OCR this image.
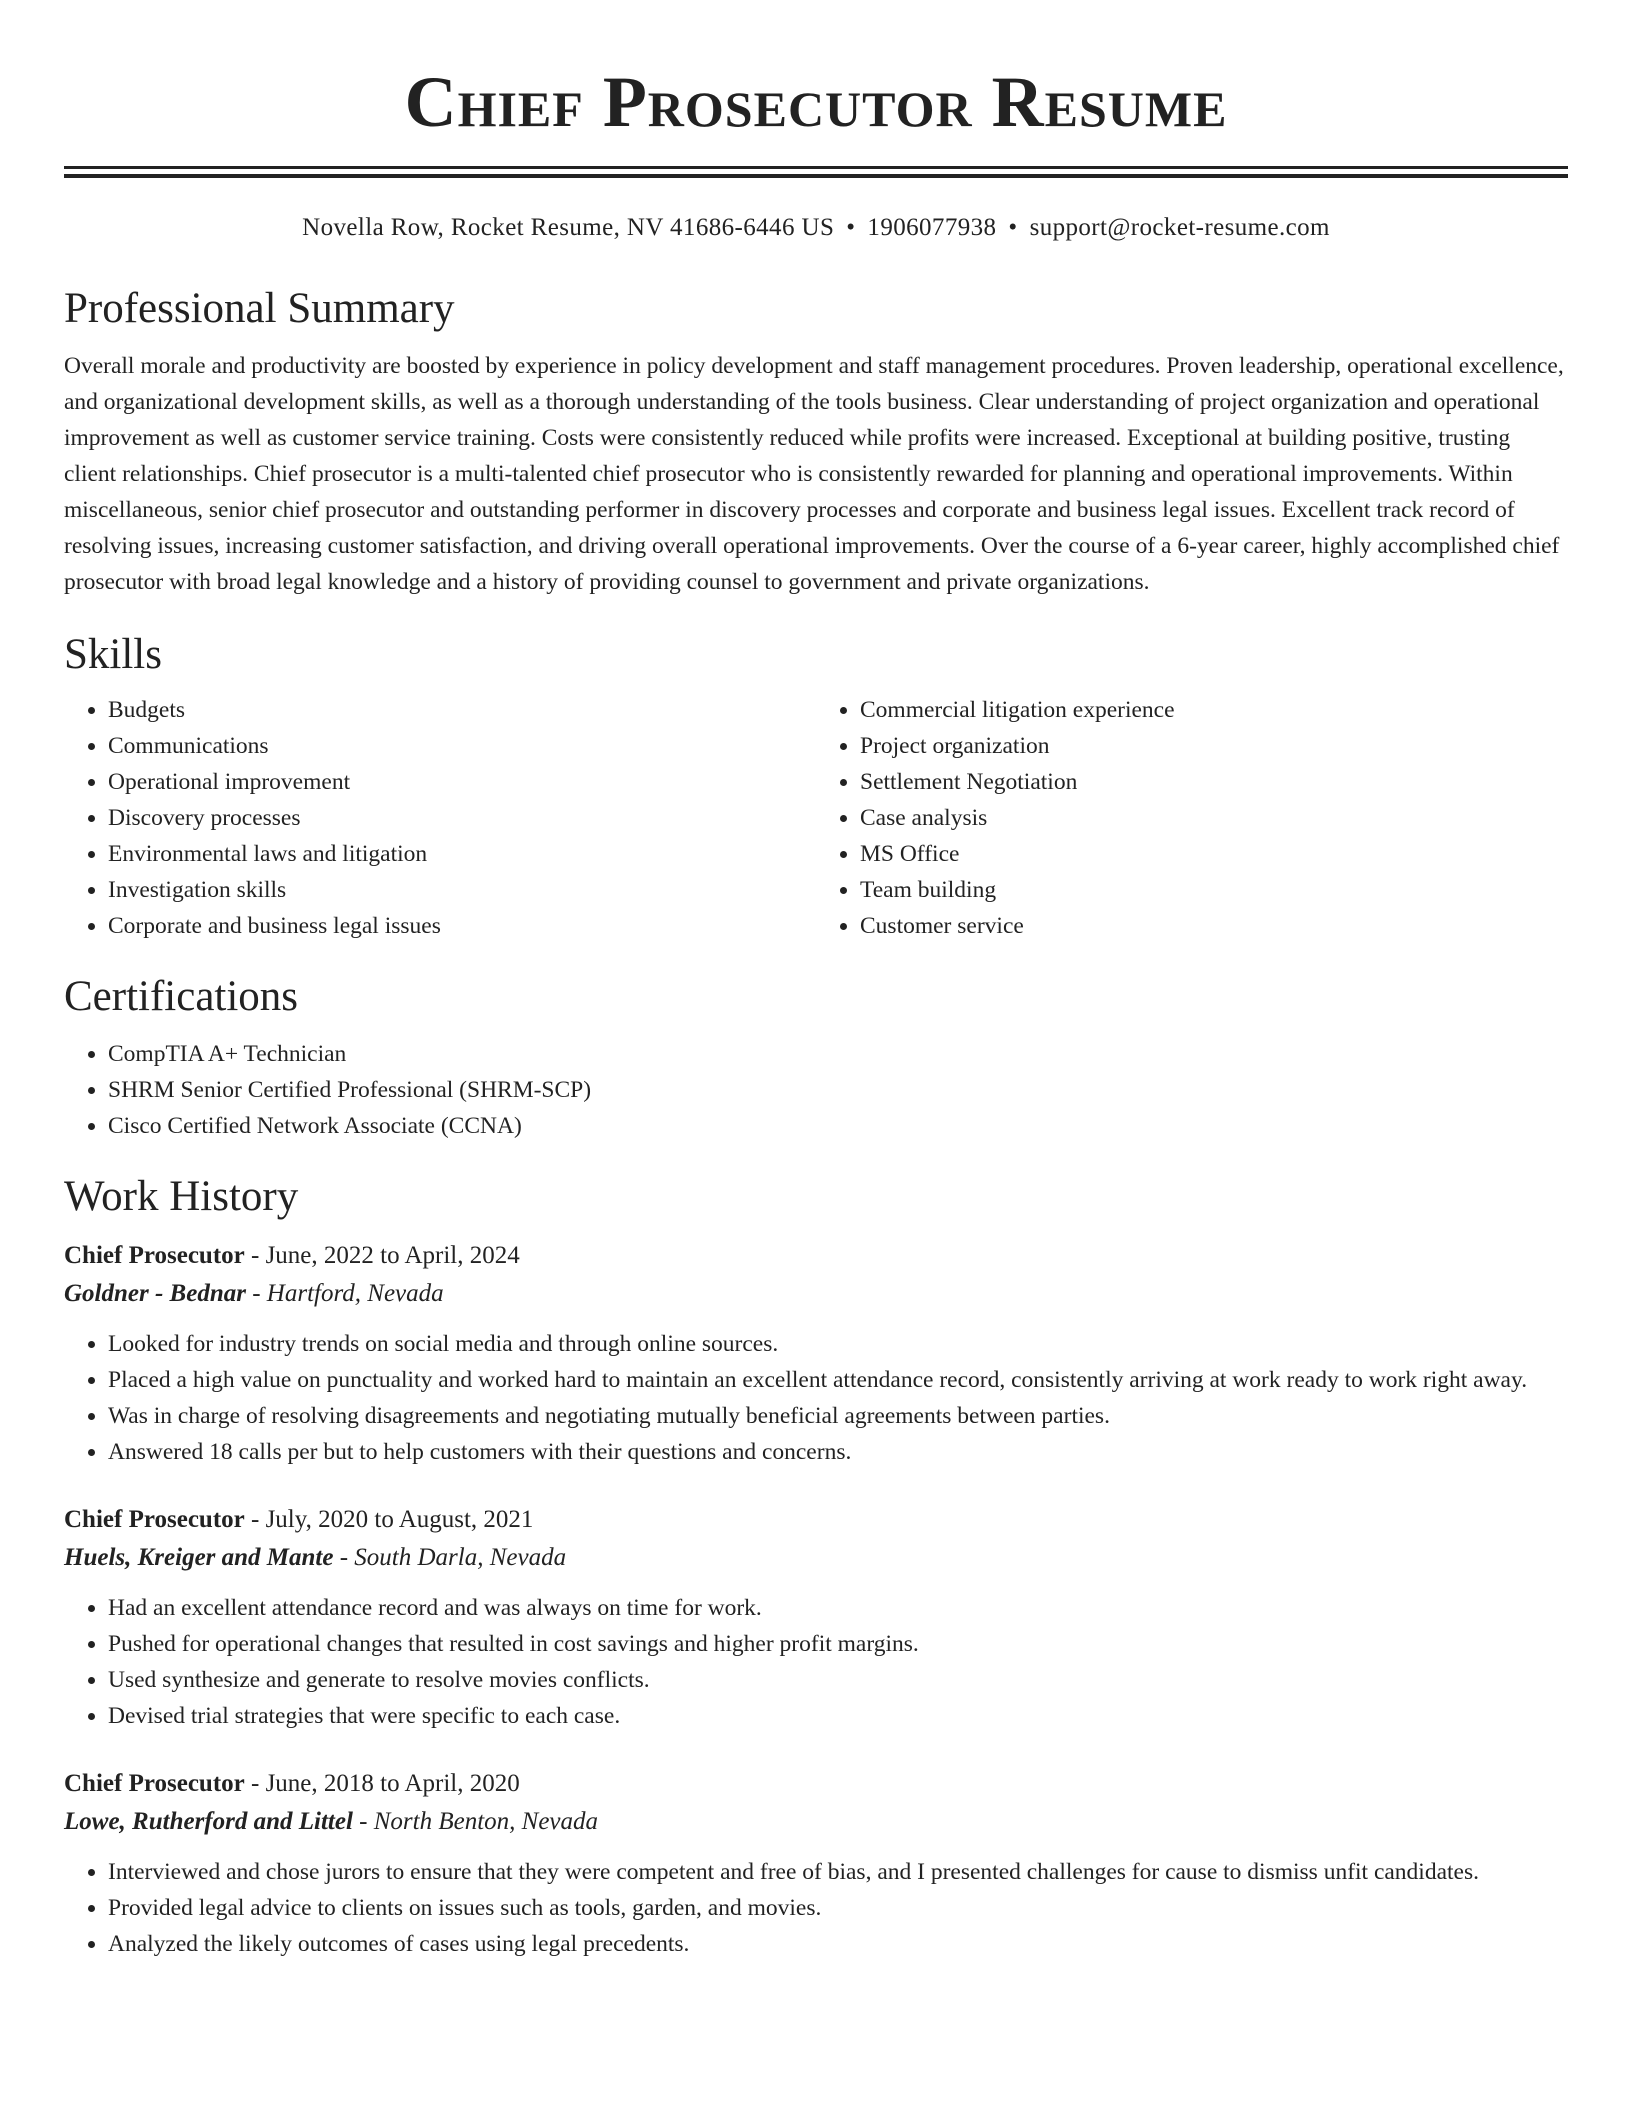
Chief Prosecutor Resume
Novella Row, Rocket Resume, NV 41686-6446 US • 1906077938 • support@rocket-resume.com
Professional Summary

Overall morale and productivity are boosted by experience in policy development and staff management procedures. Proven leadership, operational excellence, and organizational development skills, as well as a thorough understanding of the tools business. Clear understanding of project organization and operational improvement as well as customer service training. Costs were consistently reduced while profits were increased. Exceptional at building positive, trusting client relationships. Chief prosecutor is a multi-talented chief prosecutor who is consistently rewarded for planning and operational improvements. Within miscellaneous, senior chief prosecutor and outstanding performer in discovery processes and corporate and business legal issues. Excellent track record of resolving issues, increasing customer satisfaction, and driving overall operational improvements. Over the course of a 6-year career, highly accomplished chief prosecutor with broad legal knowledge and a history of providing counsel to government and private organizations.

Skills
• Budgets
• Communications
• Operational improvement
• Discovery processes
• Environmental laws and litigation
• Investigation skills
• Corporate and business legal issues
• Commercial litigation experience
• Project organization
• Settlement Negotiation
• Case analysis
• MS Office
• Team building
• Customer service
Certifications
• CompTIA A+ Technician
• SHRM Senior Certified Professional (SHRM-SCP)
• Cisco Certified Network Associate (CCNA)
Work History
Chief Prosecutor - June, 2022 to April, 2024
Goldner - Bednar - Hartford, Nevada
• Looked for industry trends on social media and through online sources.
• Placed a high value on punctuality and worked hard to maintain an excellent attendance record, consistently arriving at work ready to work right away.
• Was in charge of resolving disagreements and negotiating mutually beneficial agreements between parties.
• Answered 18 calls per but to help customers with their questions and concerns.
Chief Prosecutor - July, 2020 to August, 2021
Huels, Kreiger and Mante - South Darla, Nevada
• Had an excellent attendance record and was always on time for work.
• Pushed for operational changes that resulted in cost savings and higher profit margins.
• Used synthesize and generate to resolve movies conflicts.
• Devised trial strategies that were specific to each case.
Chief Prosecutor - June, 2018 to April, 2020
Lowe, Rutherford and Littel - North Benton, Nevada
• Interviewed and chose jurors to ensure that they were competent and free of bias, and I presented challenges for cause to dismiss unfit candidates.
• Provided legal advice to clients on issues such as tools, garden, and movies.
• Analyzed the likely outcomes of cases using legal precedents.
